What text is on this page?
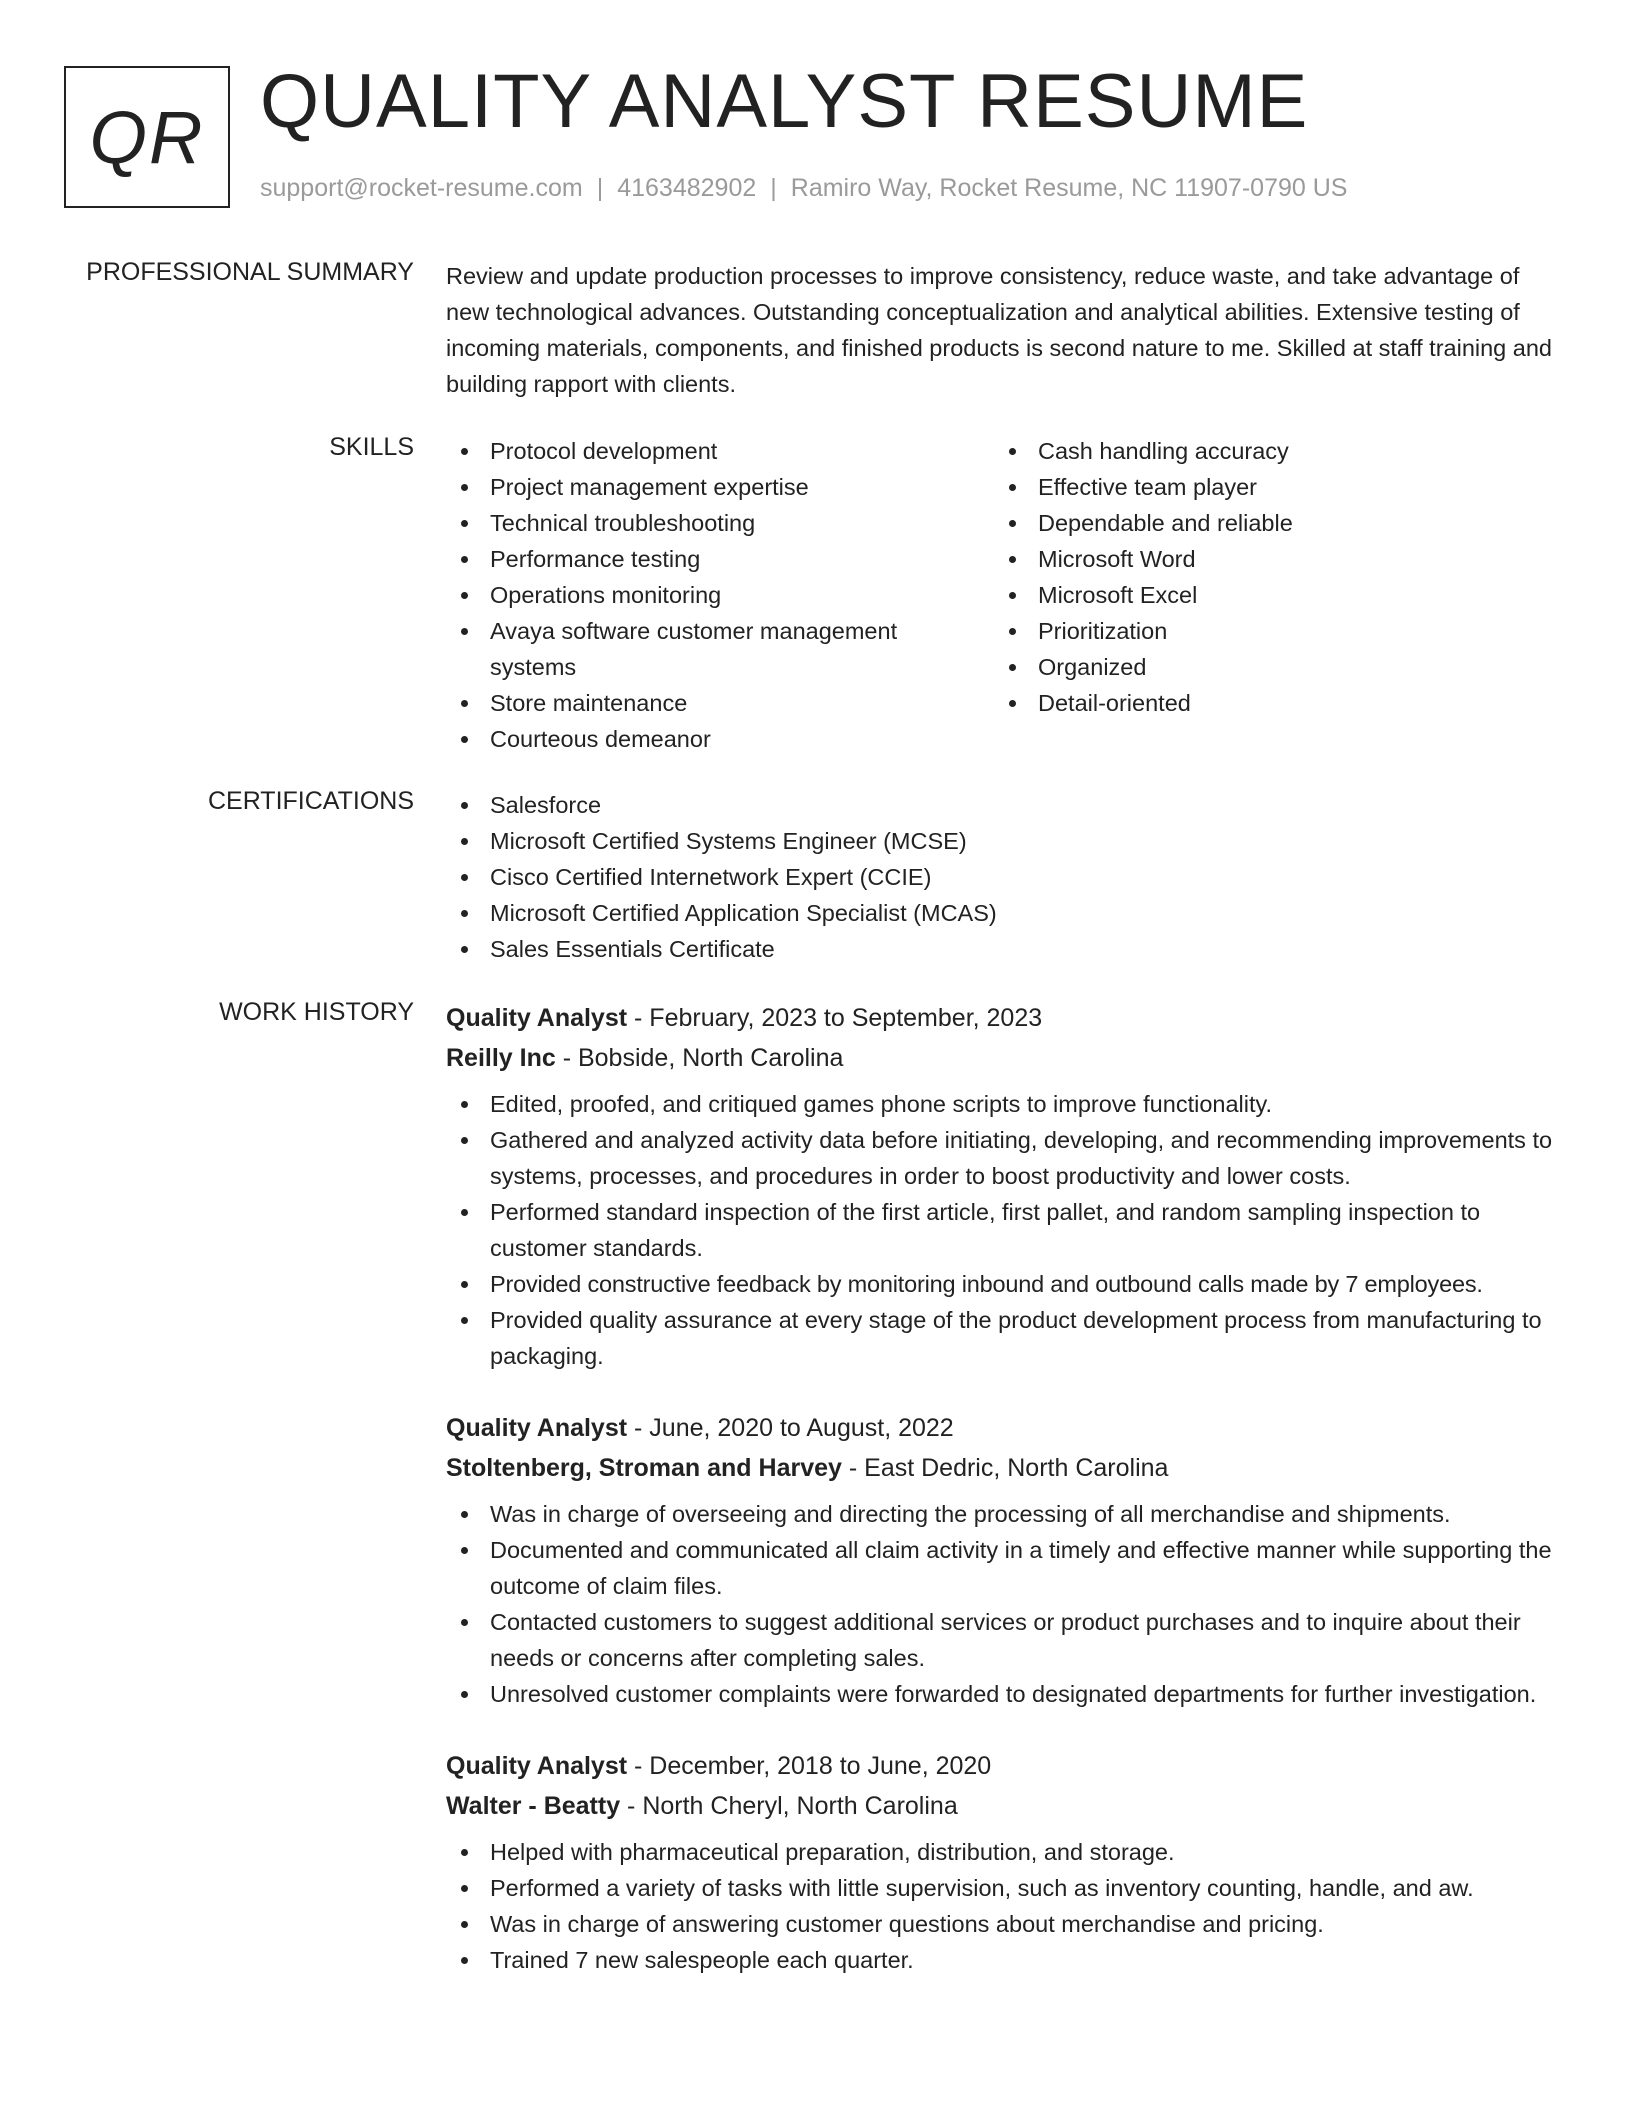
QR QUALITY ANALYST RESUME
support@rocket-resume.com | 4163482902 | Ramiro Way, Rocket Resume, NC 11907-0790 US
PROFESSIONAL SUMMARY Review and update production processes to improve consistency, reduce waste, and take advantage of new technological advances. Outstanding conceptualization and analytical abilities. Extensive testing of incoming materials, components, and finished products is second nature to me. Skilled at staff training and building rapport with clients.
SKILLS	Protocol development
Project management expertise
Technical troubleshooting
Performance testing
Operations monitoring
Avaya software customer management systems
Store maintenance
Courteous demeanor
Cash handling accuracy
Effective team player
Dependable and reliable
Microsoft Word
Microsoft Excel
Prioritization
Organized
Detail-oriented
CERTIFICATIONS	Salesforce
Microsoft Certified Systems Engineer (MCSE)
Cisco Certified Internetwork Expert (CCIE)
Microsoft Certified Application Specialist (MCAS)
Sales Essentials Certificate
WORK HISTORY Quality Analyst - February, 2023 to September, 2023
Reilly Inc - Bobside, North Carolina
Edited, proofed, and critiqued games phone scripts to improve functionality.
Gathered and analyzed activity data before initiating, developing, and recommending improvements to systems, processes, and procedures in order to boost productivity and lower costs.
Performed standard inspection of the first article, first pallet, and random sampling inspection to customer standards.
Provided constructive feedback by monitoring inbound and outbound calls made by 7 employees.
Provided quality assurance at every stage of the product development process from manufacturing to packaging.
Quality Analyst - June, 2020 to August, 2022
Stoltenberg, Stroman and Harvey - East Dedric, North Carolina
Was in charge of overseeing and directing the processing of all merchandise and shipments.
Documented and communicated all claim activity in a timely and effective manner while supporting the outcome of claim files.
Contacted customers to suggest additional services or product purchases and to inquire about their needs or concerns after completing sales.
Unresolved customer complaints were forwarded to designated departments for further investigation.
Quality Analyst - December, 2018 to June, 2020
Walter - Beatty - North Cheryl, North Carolina
Helped with pharmaceutical preparation, distribution, and storage.
Performed a variety of tasks with little supervision, such as inventory counting, handle, and aw.
Was in charge of answering customer questions about merchandise and pricing.
Trained 7 new salespeople each quarter.
